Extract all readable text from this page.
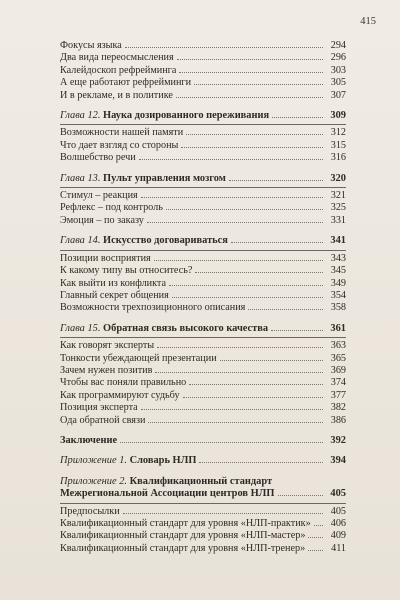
415
Фокусы языка	294
Два вида переосмысления	296
Калейдоскоп рефрейминга	303
А еще работают рефрейминги	305
И в рекламе, и в политике	307
Глава 12. Наука дозированного переживания	309
Возможности нашей памяти	312
Что дает взгляд со стороны	315
Волшебство речи	316
Глава 13. Пульт управления мозгом	320
Стимул – реакция	321
Рефлекс – под контроль	325
Эмоция – по заказу	331
Глава 14. Искусство договариваться	341
Позиции восприятия	343
К какому типу вы относитесь?	345
Как выйти из конфликта	349
Главный секрет общения	354
Возможности трехпозиционного описания	358
Глава 15. Обратная связь высокого качества	361
Как говорят эксперты	363
Тонкости убеждающей презентации	365
Зачем нужен позитив	369
Чтобы вас поняли правильно	374
Как программируют судьбу	377
Позиция эксперта	382
Ода обратной связи	386
Заключение	392
Приложение 1. Словарь НЛП	394
Приложение 2. Квалификационный стандарт
Межрегиональной Ассоциации центров НЛП	405
Предпосылки	405
Квалификационный стандарт для уровня «НЛП-практик»	406
Квалификационный стандарт для уровня «НЛП-мастер»	409
Квалификационный стандарт для уровня «НЛП-тренер»	411
